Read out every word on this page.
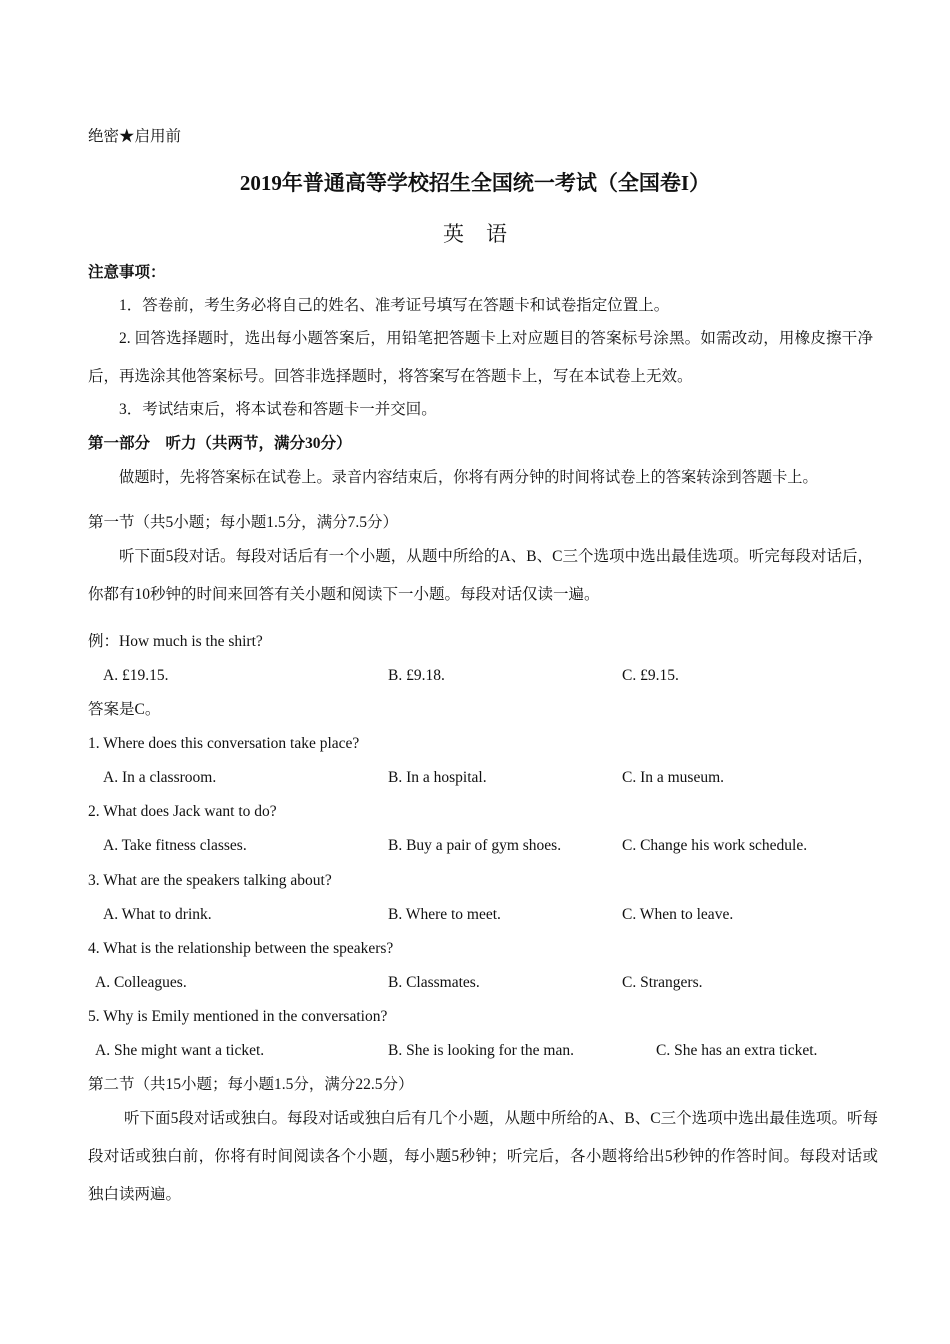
绝密★启用前
2019年普通高等学校招生全国统一考试（全国卷I）
英语
注意事项：
1．答卷前，考生务必将自己的姓名、准考证号填写在答题卡和试卷指定位置上。
2. 回答选择题时，选出每小题答案后，用铅笔把答题卡上对应题目的答案标号涂黑。如需改动，用橡皮擦干净后，再选涂其他答案标号。回答非选择题时，将答案写在答题卡上，写在本试卷上无效。
3．考试结束后，将本试卷和答题卡一并交回。
第一部分　听力（共两节，满分30分）
做题时，先将答案标在试卷上。录音内容结束后，你将有两分钟的时间将试卷上的答案转涂到答题卡上。
第一节（共5小题；每小题1.5分，满分7.5分）
听下面5段对话。每段对话后有一个小题，从题中所给的A、B、C三个选项中选出最佳选项。听完每段对话后，你都有10秒钟的时间来回答有关小题和阅读下一小题。每段对话仅读一遍。
例：How much is the shirt?
A. £19.15.	B. £9.18.	C. £9.15.
答案是C。
1. Where does this conversation take place?
A. In a classroom.	B. In a hospital.	C. In a museum.
2. What does Jack want to do?
A. Take fitness classes.	B. Buy a pair of gym shoes.	C. Change his work schedule.
3. What are the speakers talking about?
A. What to drink.	B. Where to meet.	C. When to leave.
4. What is the relationship between the speakers?
A. Colleagues.	B. Classmates.	C. Strangers.
5. Why is Emily mentioned in the conversation?
A. She might want a ticket.	B. She is looking for the man.	C. She has an extra ticket.
第二节（共15小题；每小题1.5分，满分22.5分）
听下面5段对话或独白。每段对话或独白后有几个小题，从题中所给的A、B、C三个选项中选出最佳选项。听每段对话或独白前，你将有时间阅读各个小题，每小题5秒钟；听完后，各小题将给出5秒钟的作答时间。每段对话或独白读两遍。
